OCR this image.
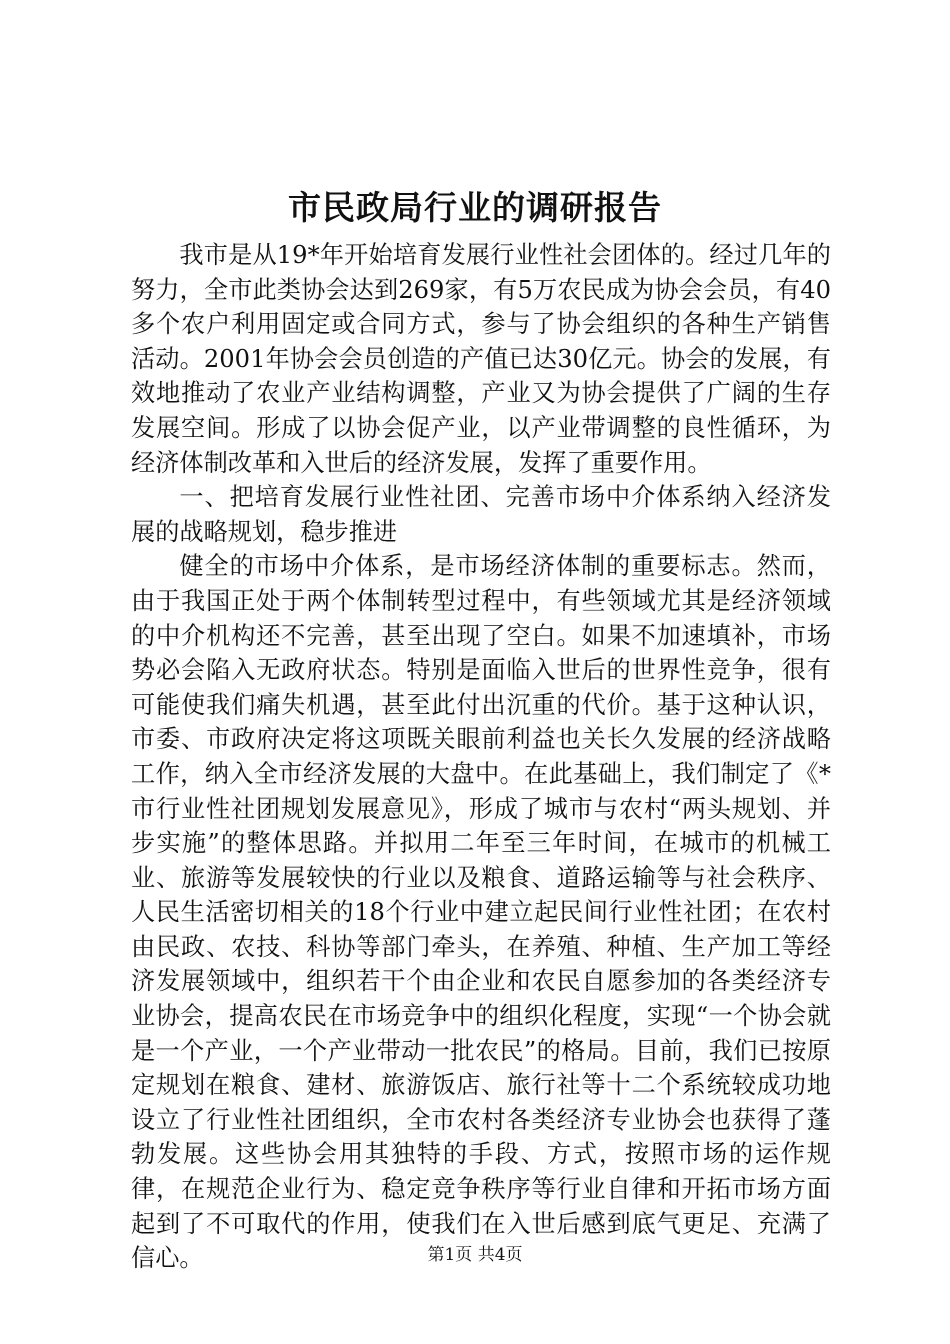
市民政局行业的调研报告

我市是从19*年开始培育发展行业性社会团体的。经过几年的努力，全市此类协会达到269家，有5万农民成为协会会员，有40多个农户利用固定或合同方式，参与了协会组织的各种生产销售活动。2001年协会会员创造的产值已达30亿元。协会的发展，有效地推动了农业产业结构调整，产业又为协会提供了广阔的生存发展空间。形成了以协会促产业，以产业带调整的良性循环，为经济体制改革和入世后的经济发展，发挥了重要作用。

一、把培育发展行业性社团、完善市场中介体系纳入经济发展的战略规划，稳步推进

健全的市场中介体系，是市场经济体制的重要标志。然而，由于我国正处于两个体制转型过程中，有些领域尤其是经济领域的中介机构还不完善，甚至出现了空白。如果不加速填补，市场势必会陷入无政府状态。特别是面临入世后的世界性竞争，很有可能使我们痛失机遇，甚至此付出沉重的代价。基于这种认识，市委、市政府决定将这项既关眼前利益也关长久发展的经济战略工作，纳入全市经济发展的大盘中。在此基础上，我们制定了《*市行业性社团规划发展意见》，形成了城市与农村“两头规划、并步实施”的整体思路。并拟用二年至三年时间，在城市的机械工业、旅游等发展较快的行业以及粮食、道路运输等与社会秩序、人民生活密切相关的18个行业中建立起民间行业性社团；在农村由民政、农技、科协等部门牵头，在养殖、种植、生产加工等经济发展领域中，组织若干个由企业和农民自愿参加的各类经济专业协会，提高农民在市场竞争中的组织化程度，实现“一个协会就是一个产业，一个产业带动一批农民”的格局。目前，我们已按原定规划在粮食、建材、旅游饭店、旅行社等十二个系统较成功地设立了行业性社团组织，全市农村各类经济专业协会也获得了蓬勃发展。这些协会用其独特的手段、方式，按照市场的运作规律，在规范企业行为、稳定竞争秩序等行业自律和开拓市场方面起到了不可取代的作用，使我们在入世后感到底气更足、充满了信心。	第1页 共4页
